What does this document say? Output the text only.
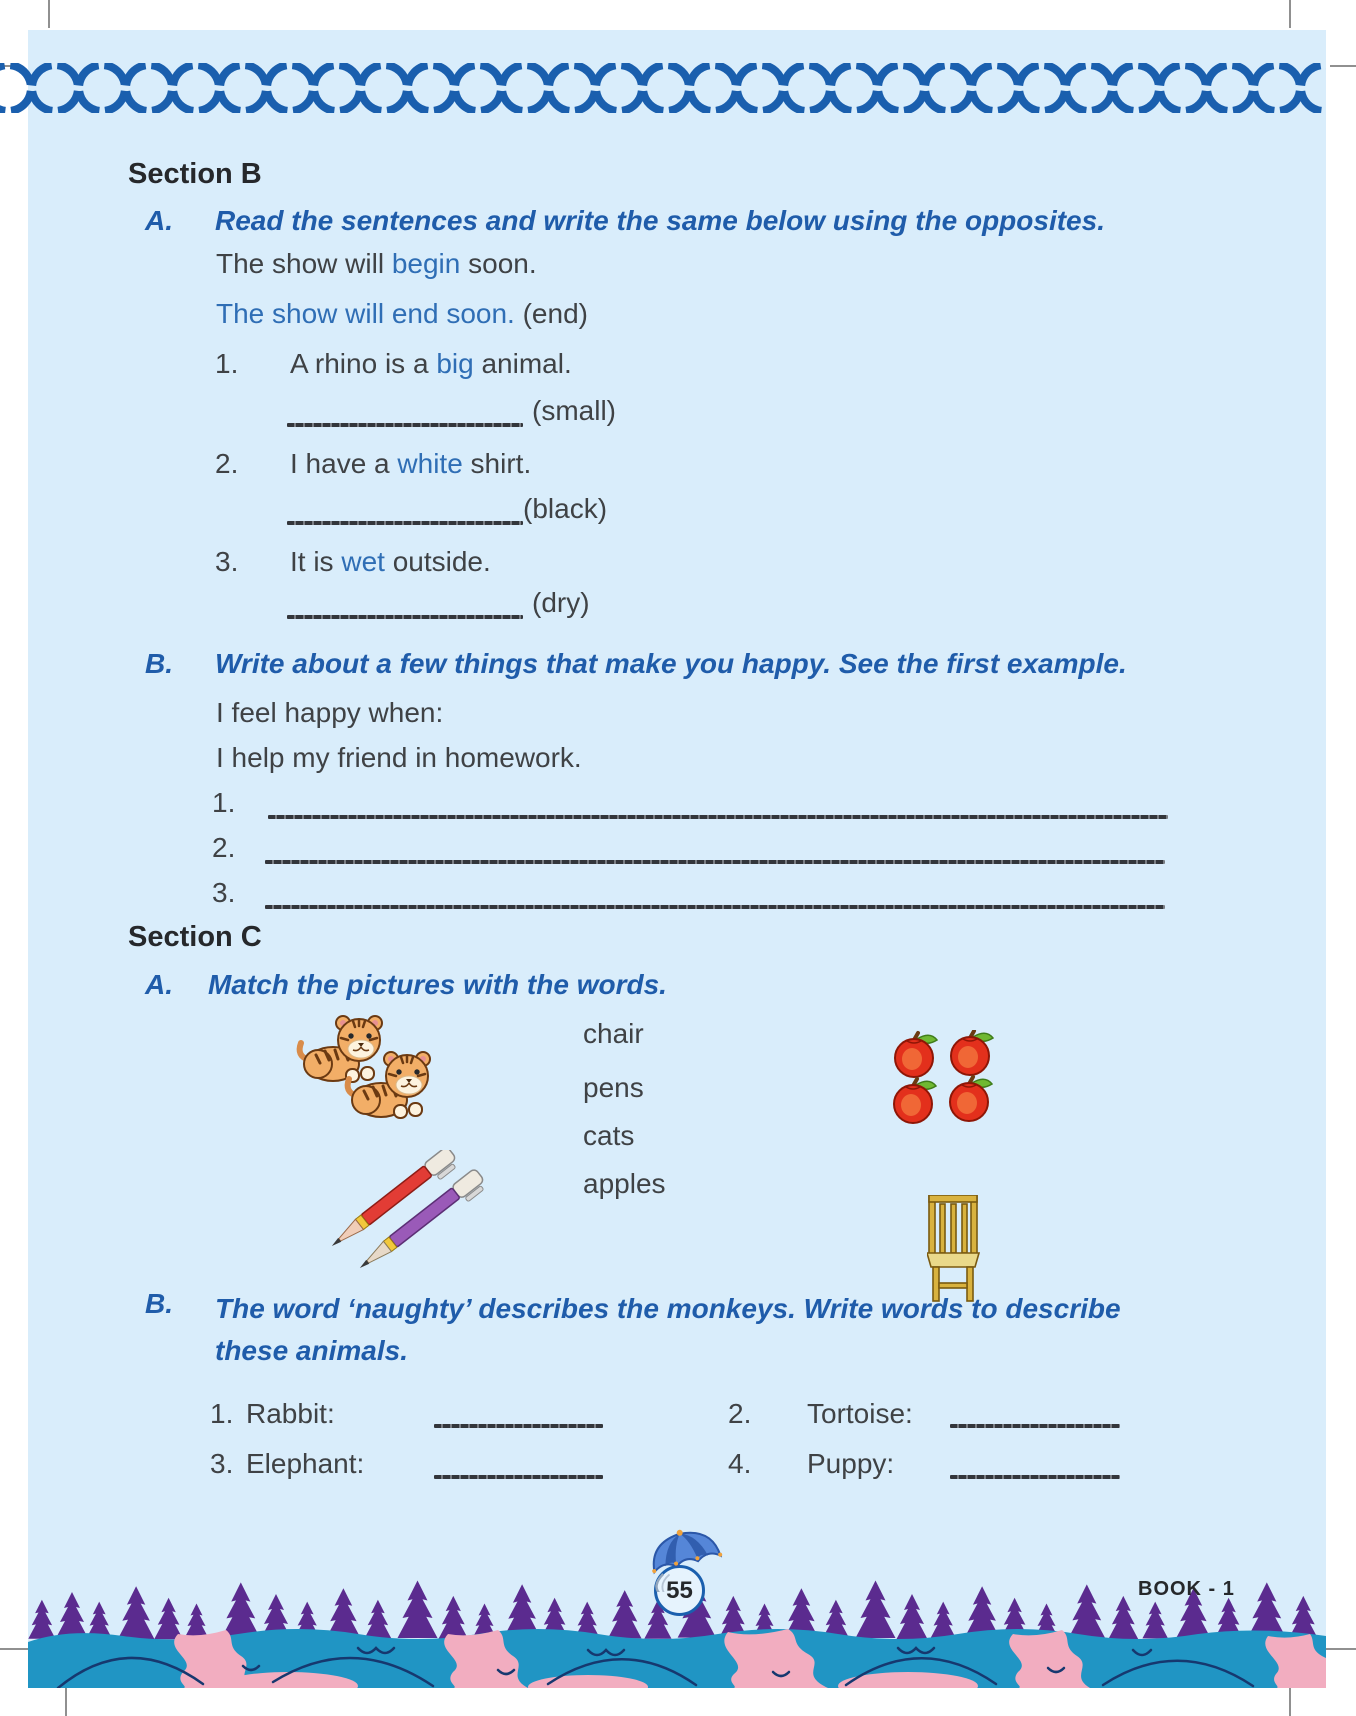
Section B
A. Read the sentences and write the same below using the opposites.
The show will begin soon.
The show will end soon. (end)
1. A rhino is a big animal.
(small)
2. I have a white shirt.
(black)
3. It is wet outside.
(dry)
B. Write about a few things that make you happy. See the first example.
I feel happy when:
I help my friend in homework.
1.
2.
3.
Section C
A. Match the pictures with the words.
chair
pens
cats
apples
B. The word ‘naughty’ describes the monkeys. Write words to describe these animals.
1. Rabbit:	2. Tortoise:
3. Elephant:	4. Puppy:
55	BOOK - 1
